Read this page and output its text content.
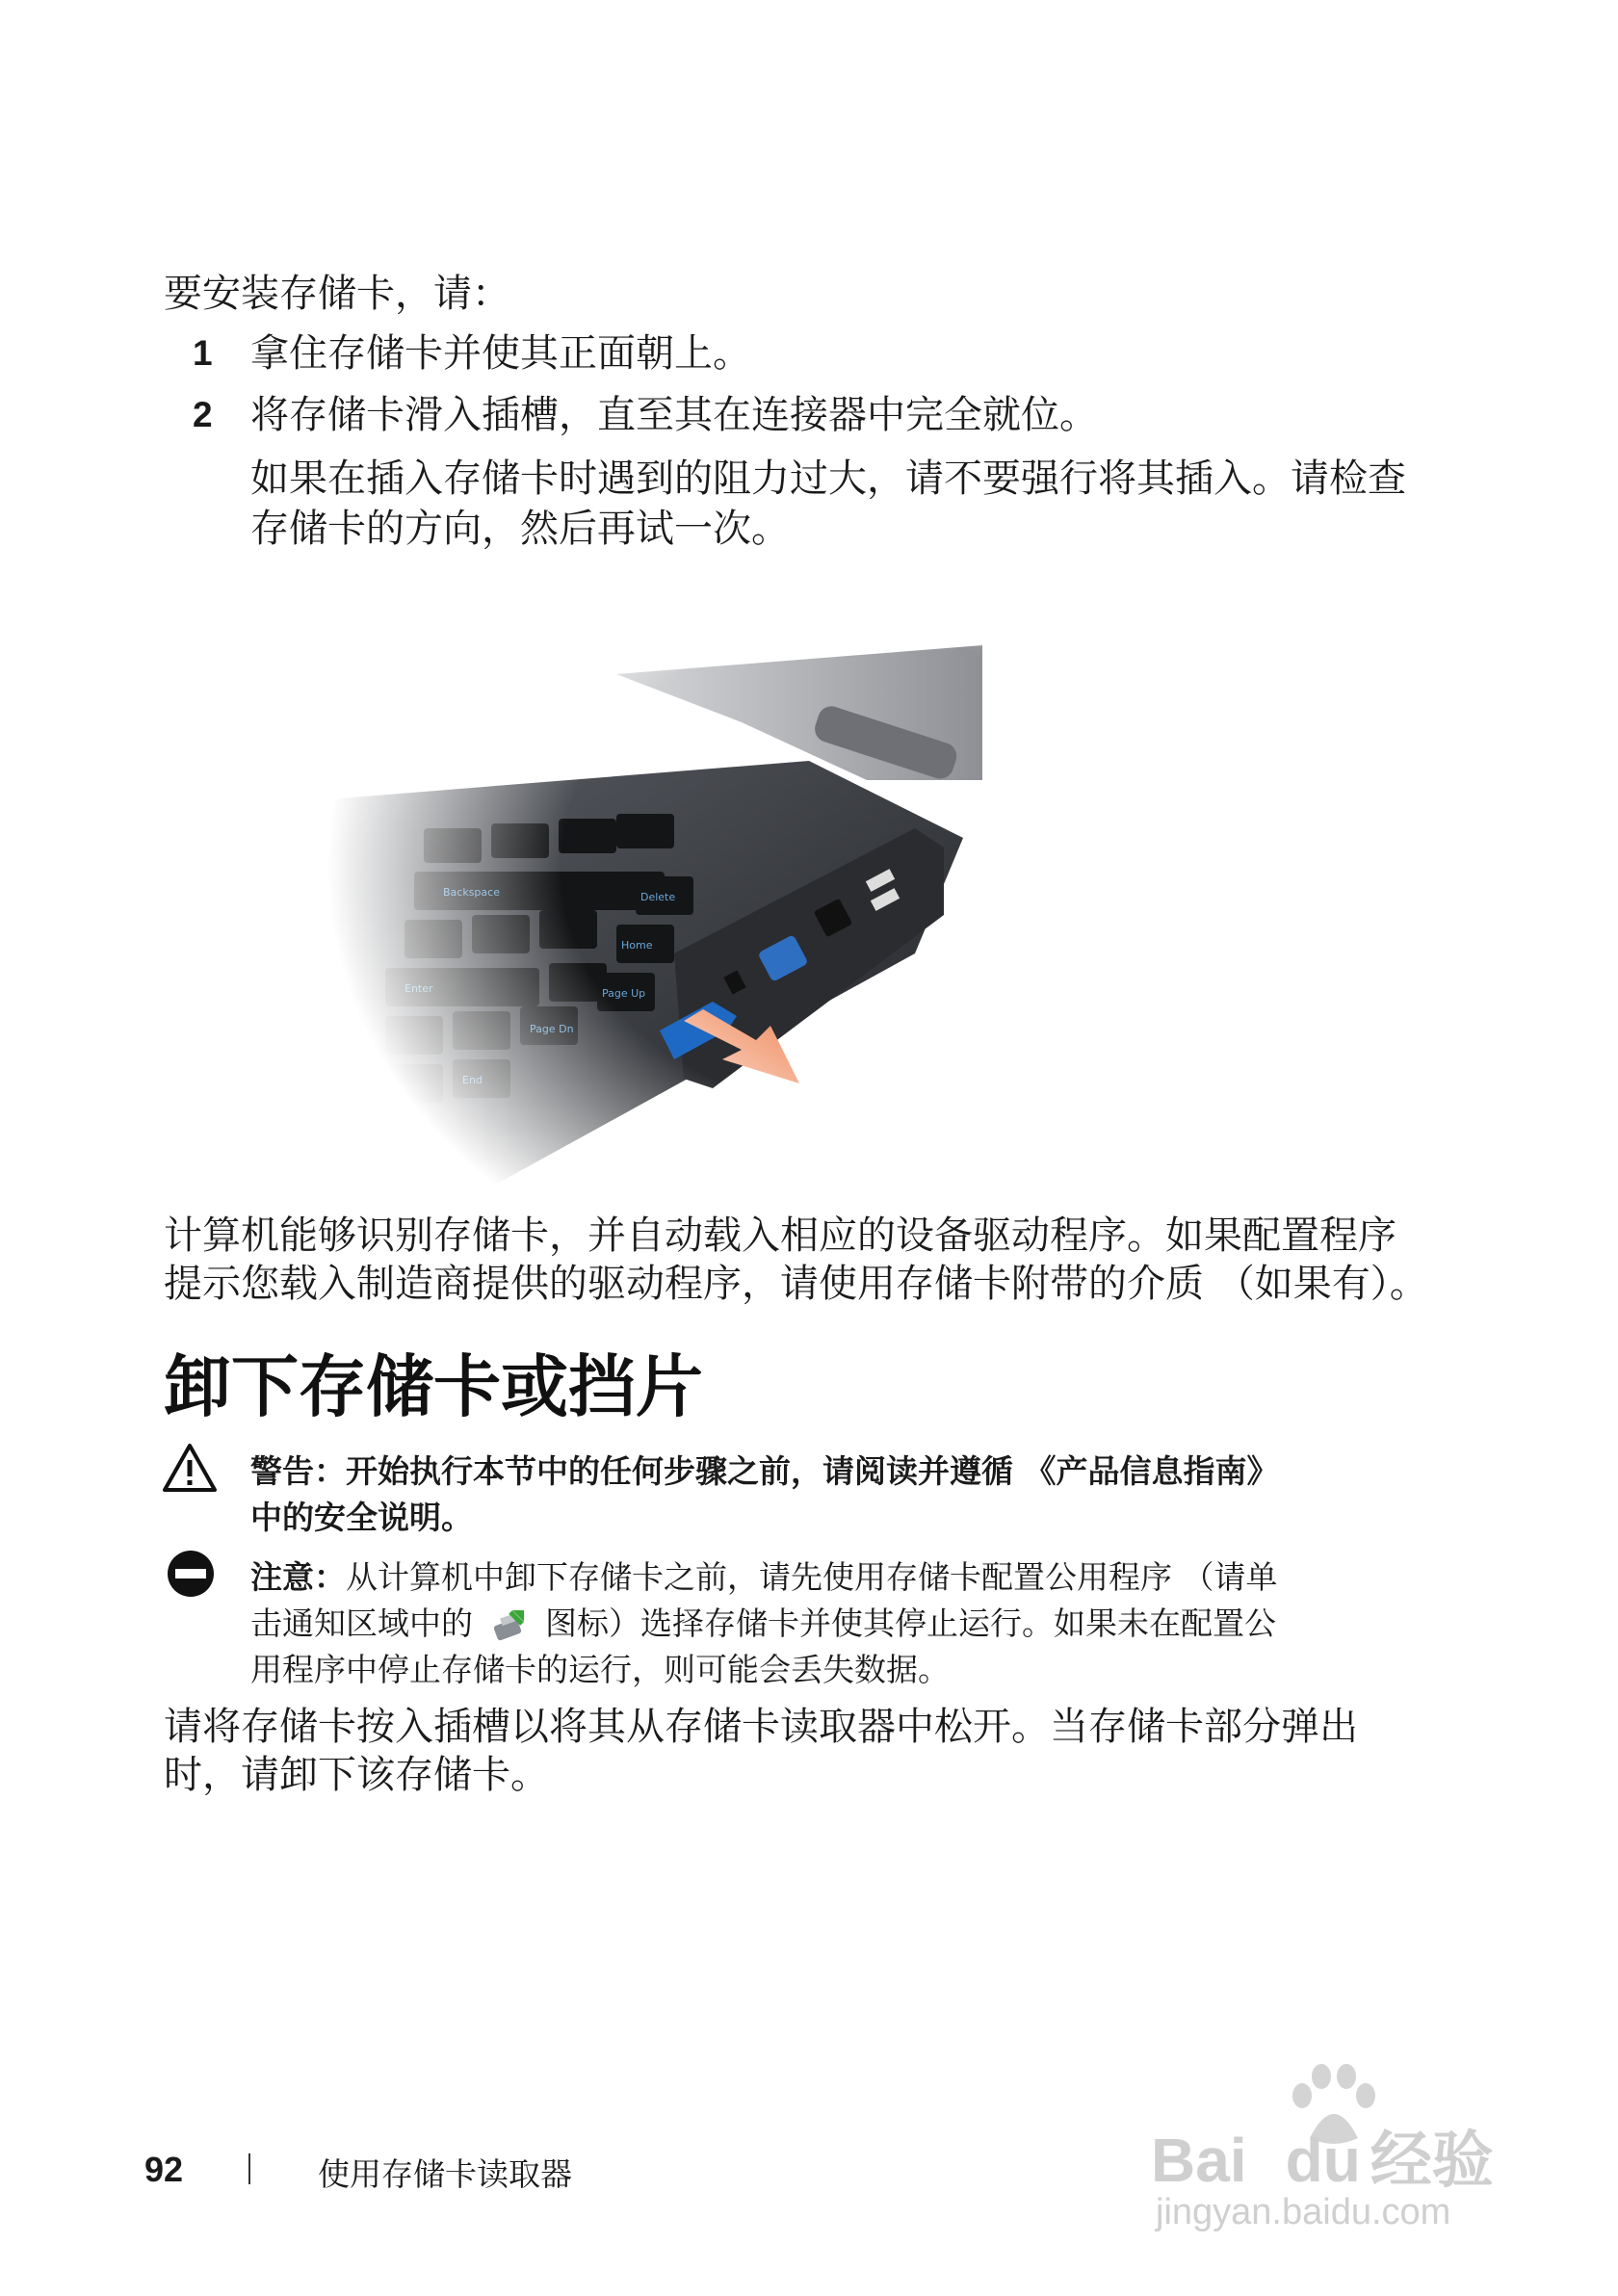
要安装存储卡，请：
1 拿住存储卡并使其正面朝上。
2 将存储卡滑入插槽，直至其在连接器中完全就位。
如果在插入存储卡时遇到的阻力过大，请不要强行将其插入。请检查
存储卡的方向，然后再试一次。
计算机能够识别存储卡，并自动载入相应的设备驱动程序。如果配置程序
提示您载入制造商提供的驱动程序，请使用存储卡附带的介质 （如果有）。
卸下存储卡或挡片
警告：开始执行本节中的任何步骤之前，请阅读并遵循 《产品信息指南》
中的安全说明。
注意：从计算机中卸下存储卡之前，请先使用存储卡配置公用程序 （请单
击通知区域中的 图标）选择存储卡并使其停止运行。如果未在配置公
用程序中停止存储卡的运行，则可能会丢失数据。
请将存储卡按入插槽以将其从存储卡读取器中松开。当存储卡部分弹出
时，请卸下该存储卡。
92	使用存储卡读取器	Bai du 经验
jingyan.baidu.com
